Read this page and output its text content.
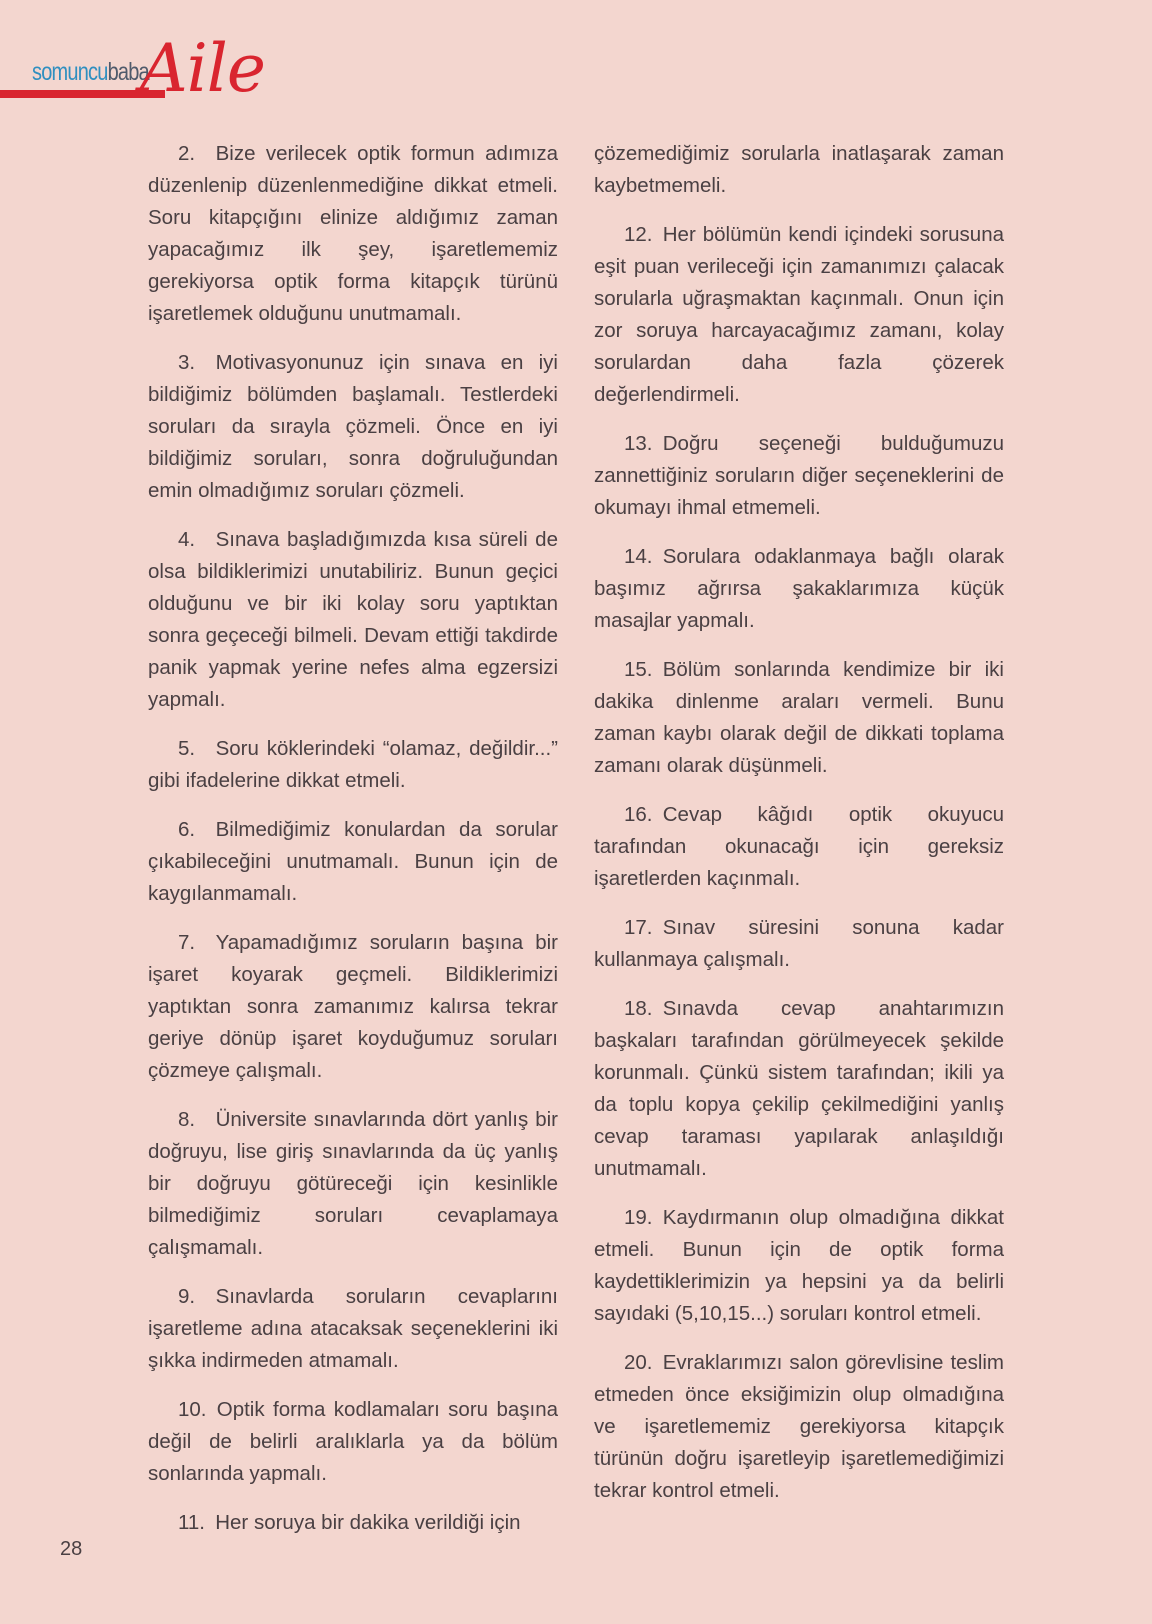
somuncubaba
Aile

2. Bize verilecek optik formun adımıza düzenlenip düzenlenmediğine dikkat etmeli. Soru kitapçığını elinize aldığımız zaman yapacağımız ilk şey, işaretlememiz gerekiyorsa optik forma kitapçık türünü işaretlemek olduğunu unutmamalı.

3. Motivasyonunuz için sınava en iyi bildiğimiz bölümden başlamalı. Testlerdeki soruları da sırayla çözmeli. Önce en iyi bildiğimiz soruları, sonra doğruluğundan emin olmadığımız soruları çözmeli.

4. Sınava başladığımızda kısa süreli de olsa bildiklerimizi unutabiliriz. Bunun geçici olduğunu ve bir iki kolay soru yaptıktan sonra geçeceği bilmeli. Devam ettiği takdirde panik yapmak yerine nefes alma egzersizi yapmalı.

5. Soru köklerindeki “olamaz, değildir...” gibi ifadelerine dikkat etmeli.

6. Bilmediğimiz konulardan da sorular çıkabileceğini unutmamalı. Bunun için de kaygılanmamalı.

7. Yapamadığımız soruların başına bir işaret koyarak geçmeli. Bildiklerimizi yaptıktan sonra zamanımız kalırsa tekrar geriye dönüp işaret koyduğumuz soruları çözmeye çalışmalı.

8. Üniversite sınavlarında dört yanlış bir doğruyu, lise giriş sınavlarında da üç yanlış bir doğruyu götüreceği için kesinlikle bilmediğimiz soruları cevaplamaya çalışmamalı.

9. Sınavlarda soruların cevaplarını işaretleme adına atacaksak seçeneklerini iki şıkka indirmeden atmamalı.

10. Optik forma kodlamaları soru başına değil de belirli aralıklarla ya da bölüm sonlarında yapmalı.

11. Her soruya bir dakika verildiği için

çözemediğimiz sorularla inatlaşarak zaman kaybetmemeli.

12. Her bölümün kendi içindeki sorusuna eşit puan verileceği için zamanımızı çalacak sorularla uğraşmaktan kaçınmalı. Onun için zor soruya harcayacağımız zamanı, kolay sorulardan daha fazla çözerek değerlendirmeli.

13. Doğru seçeneği bulduğumuzu zannettiğiniz soruların diğer seçeneklerini de okumayı ihmal etmemeli.

14. Sorulara odaklanmaya bağlı olarak başımız ağrırsa şakaklarımıza küçük masajlar yapmalı.

15. Bölüm sonlarında kendimize bir iki dakika dinlenme araları vermeli. Bunu zaman kaybı olarak değil de dikkati toplama zamanı olarak düşünmeli.

16. Cevap kâğıdı optik okuyucu tarafından okunacağı için gereksiz işaretlerden kaçınmalı.

17. Sınav süresini sonuna kadar kullanmaya çalışmalı.

18. Sınavda cevap anahtarımızın başkaları tarafından görülmeyecek şekilde korunmalı. Çünkü sistem tarafından; ikili ya da toplu kopya çekilip çekilmediğini yanlış cevap taraması yapılarak anlaşıldığı unutmamalı.

19. Kaydırmanın olup olmadığına dikkat etmeli. Bunun için de optik forma kaydettiklerimizin ya hepsini ya da belirli sayıdaki (5,10,15...) soruları kontrol etmeli.

20. Evraklarımızı salon görevlisine teslim etmeden önce eksiğimizin olup olmadığına ve işaretlememiz gerekiyorsa kitapçık türünün doğru işaretleyip işaretlemediğimizi tekrar kontrol etmeli.

28
